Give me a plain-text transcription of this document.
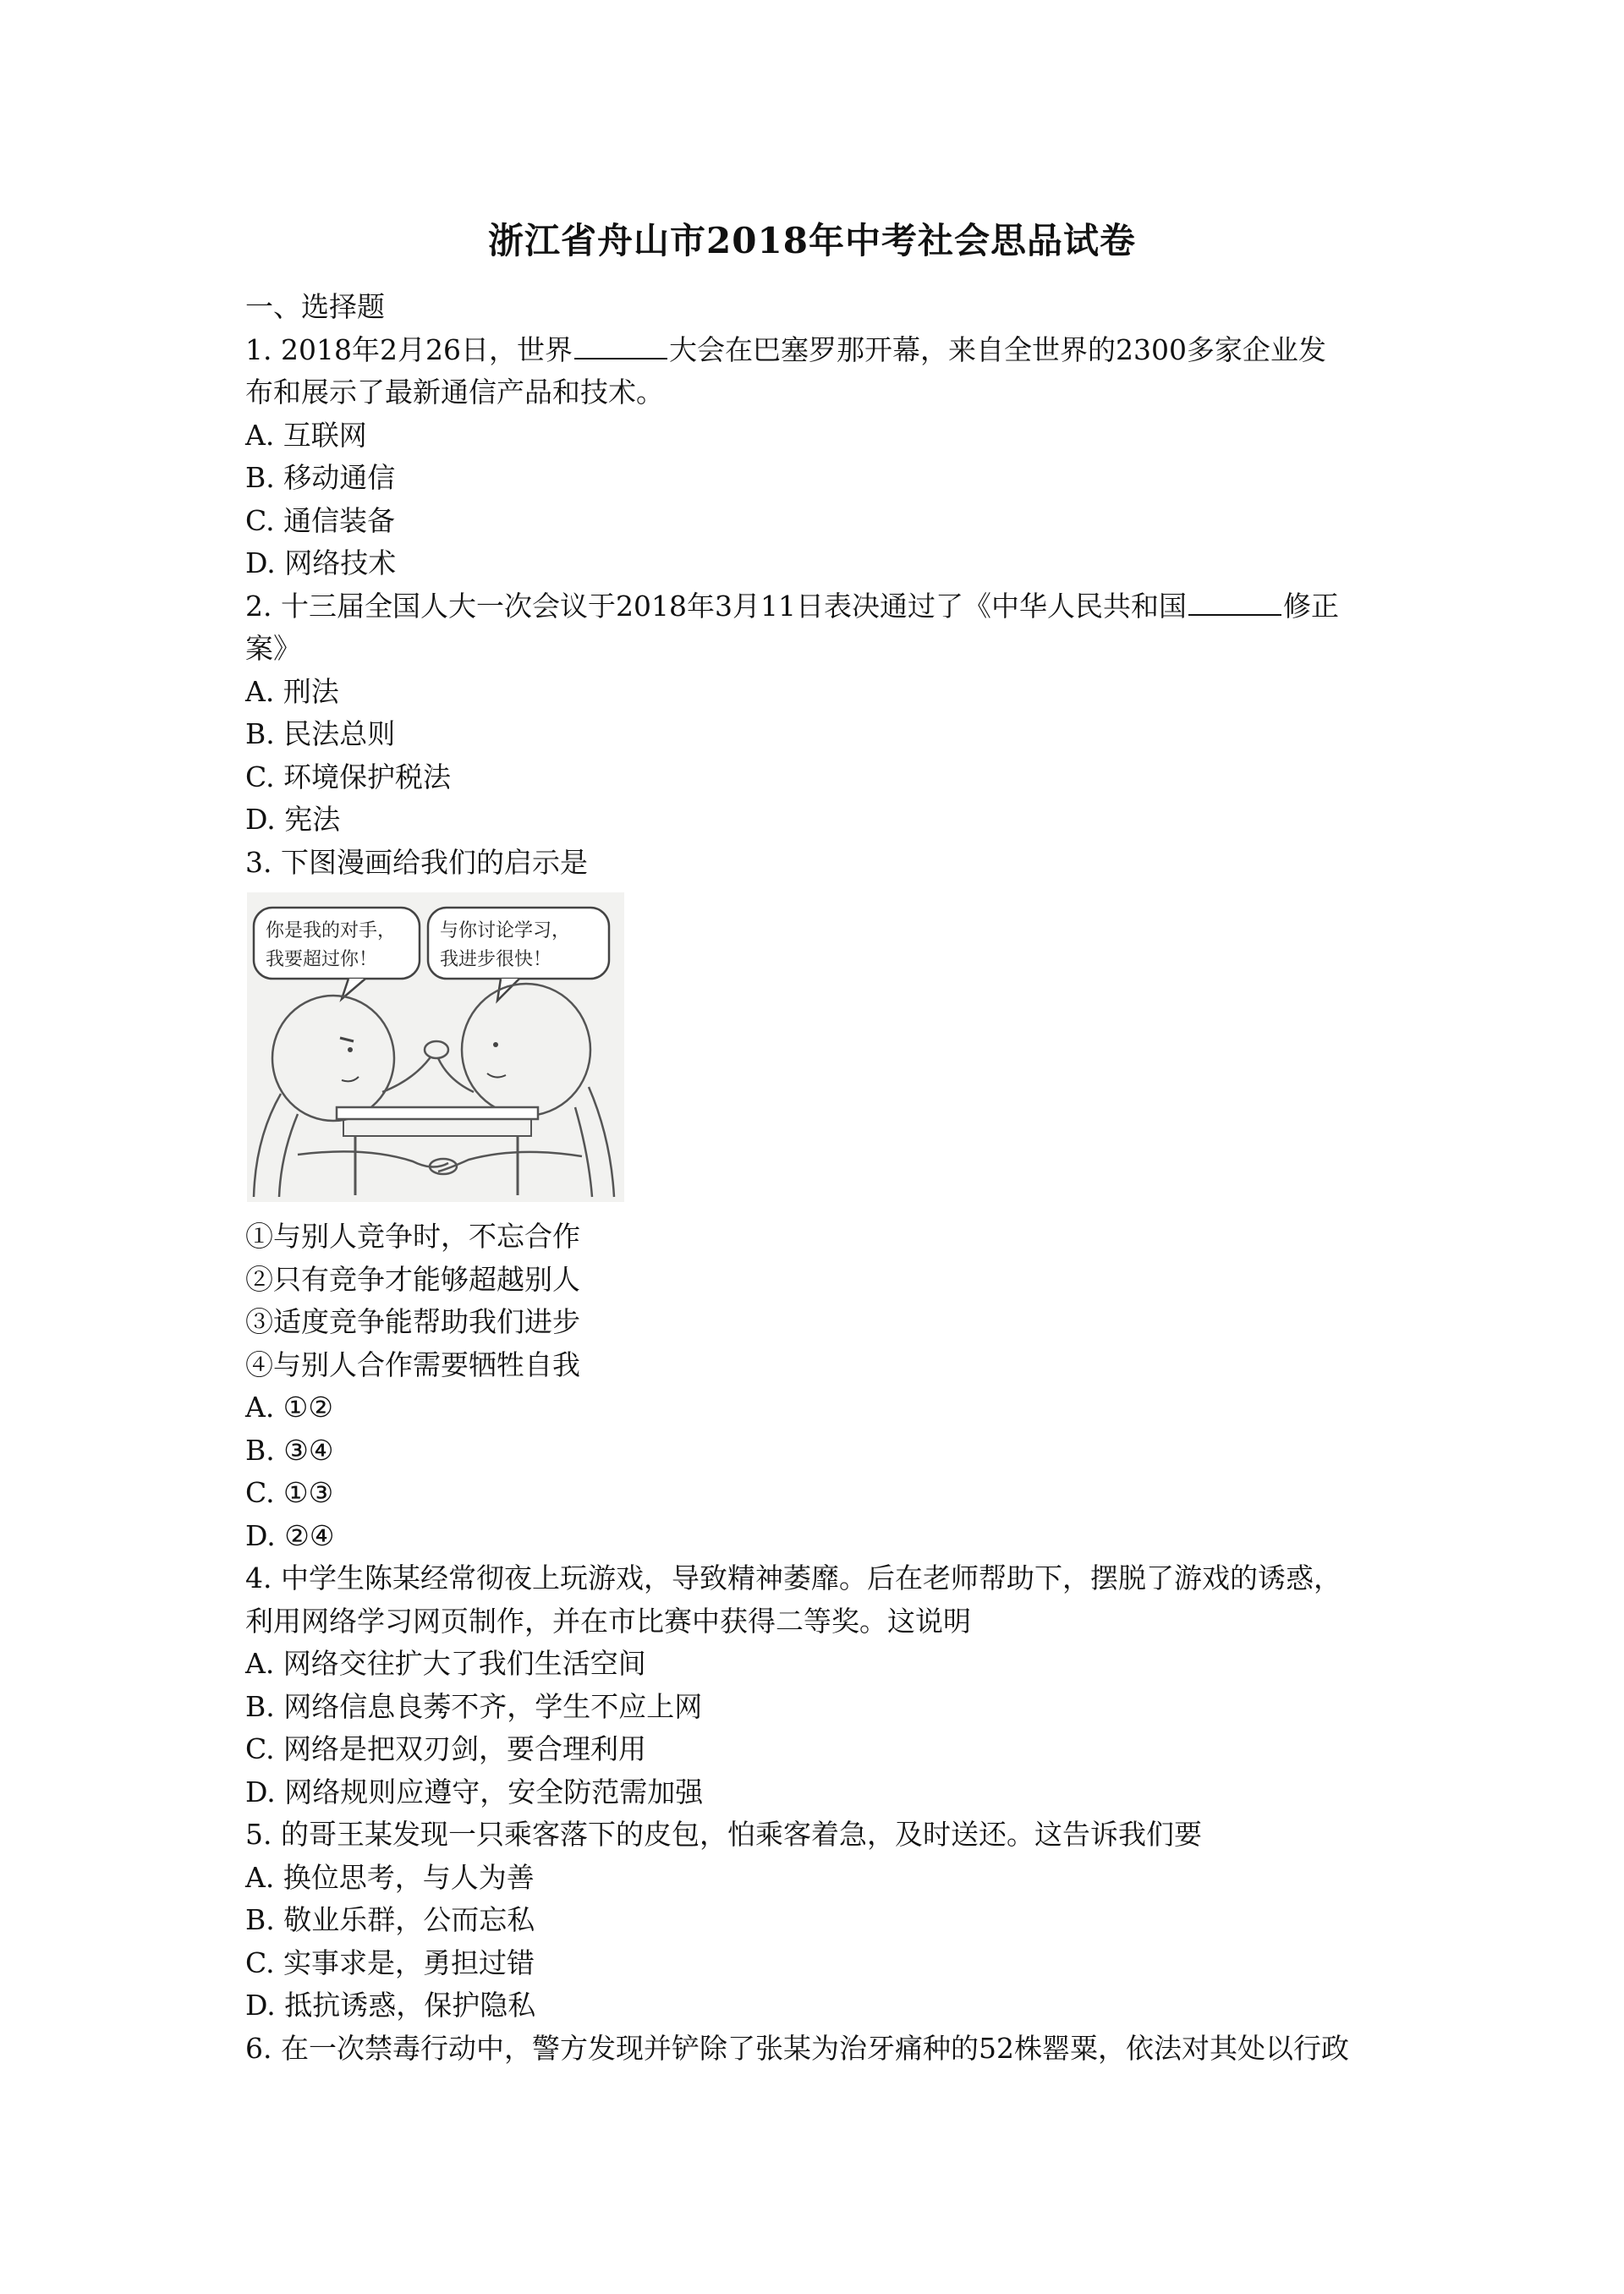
浙江省舟山市2018年中考社会思品试卷
一、选择题
1. 2018年2月26日，世界	大会在巴塞罗那开幕，来自全世界的2300多家企业发
布和展示了最新通信产品和技术。
A. 互联网
B. 移动通信
C. 通信装备
D. 网络技术
2. 十三届全国人大一次会议于2018年3月11日表决通过了《中华人民共和国	修正
案》
A. 刑法
B. 民法总则
C. 环境保护税法
D. 宪法
3. 下图漫画给我们的启示是
你是我的对手，
我要超过你！
与你讨论学习，
我进步很快！
①与别人竞争时，不忘合作
②只有竞争才能够超越别人
③适度竞争能帮助我们进步
④与别人合作需要牺牲自我
A. ①②
B. ③④
C. ①③
D. ②④
4. 中学生陈某经常彻夜上玩游戏，导致精神萎靡。后在老师帮助下，摆脱了游戏的诱惑，
利用网络学习网页制作，并在市比赛中获得二等奖。这说明
A. 网络交往扩大了我们生活空间
B. 网络信息良莠不齐，学生不应上网
C. 网络是把双刃剑，要合理利用
D. 网络规则应遵守，安全防范需加强
5. 的哥王某发现一只乘客落下的皮包，怕乘客着急，及时送还。这告诉我们要
A. 换位思考，与人为善
B. 敬业乐群，公而忘私
C. 实事求是，勇担过错
D. 抵抗诱惑，保护隐私
6. 在一次禁毒行动中，警方发现并铲除了张某为治牙痛种的52株罂粟，依法对其处以行政
